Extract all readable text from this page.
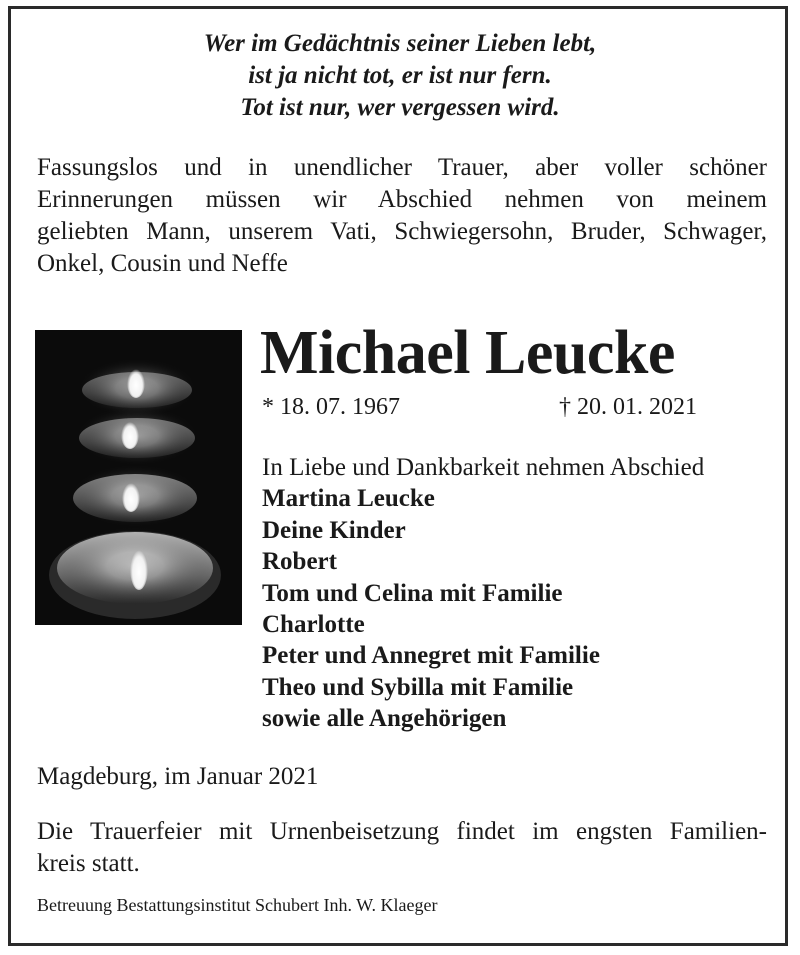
Wer im Gedächtnis seiner Lieben lebt,
ist ja nicht tot, er ist nur fern.
Tot ist nur, wer vergessen wird.
Fassungslos und in unendlicher Trauer, aber voller schöner
Erinnerungen müssen wir Abschied nehmen von meinem
geliebten Mann, unserem Vati, Schwiegersohn, Bruder, Schwager,
Onkel, Cousin und Neffe
Michael Leucke
* 18. 07. 1967	† 20. 01. 2021
In Liebe und Dankbarkeit nehmen Abschied
Martina Leucke
Deine Kinder
Robert
Tom und Celina mit Familie
Charlotte
Peter und Annegret mit Familie
Theo und Sybilla mit Familie
sowie alle Angehörigen
Magdeburg, im Januar 2021
Die Trauerfeier mit Urnenbeisetzung findet im engsten Familien-
kreis statt.
Betreuung Bestattungsinstitut Schubert Inh. W. Klaeger
